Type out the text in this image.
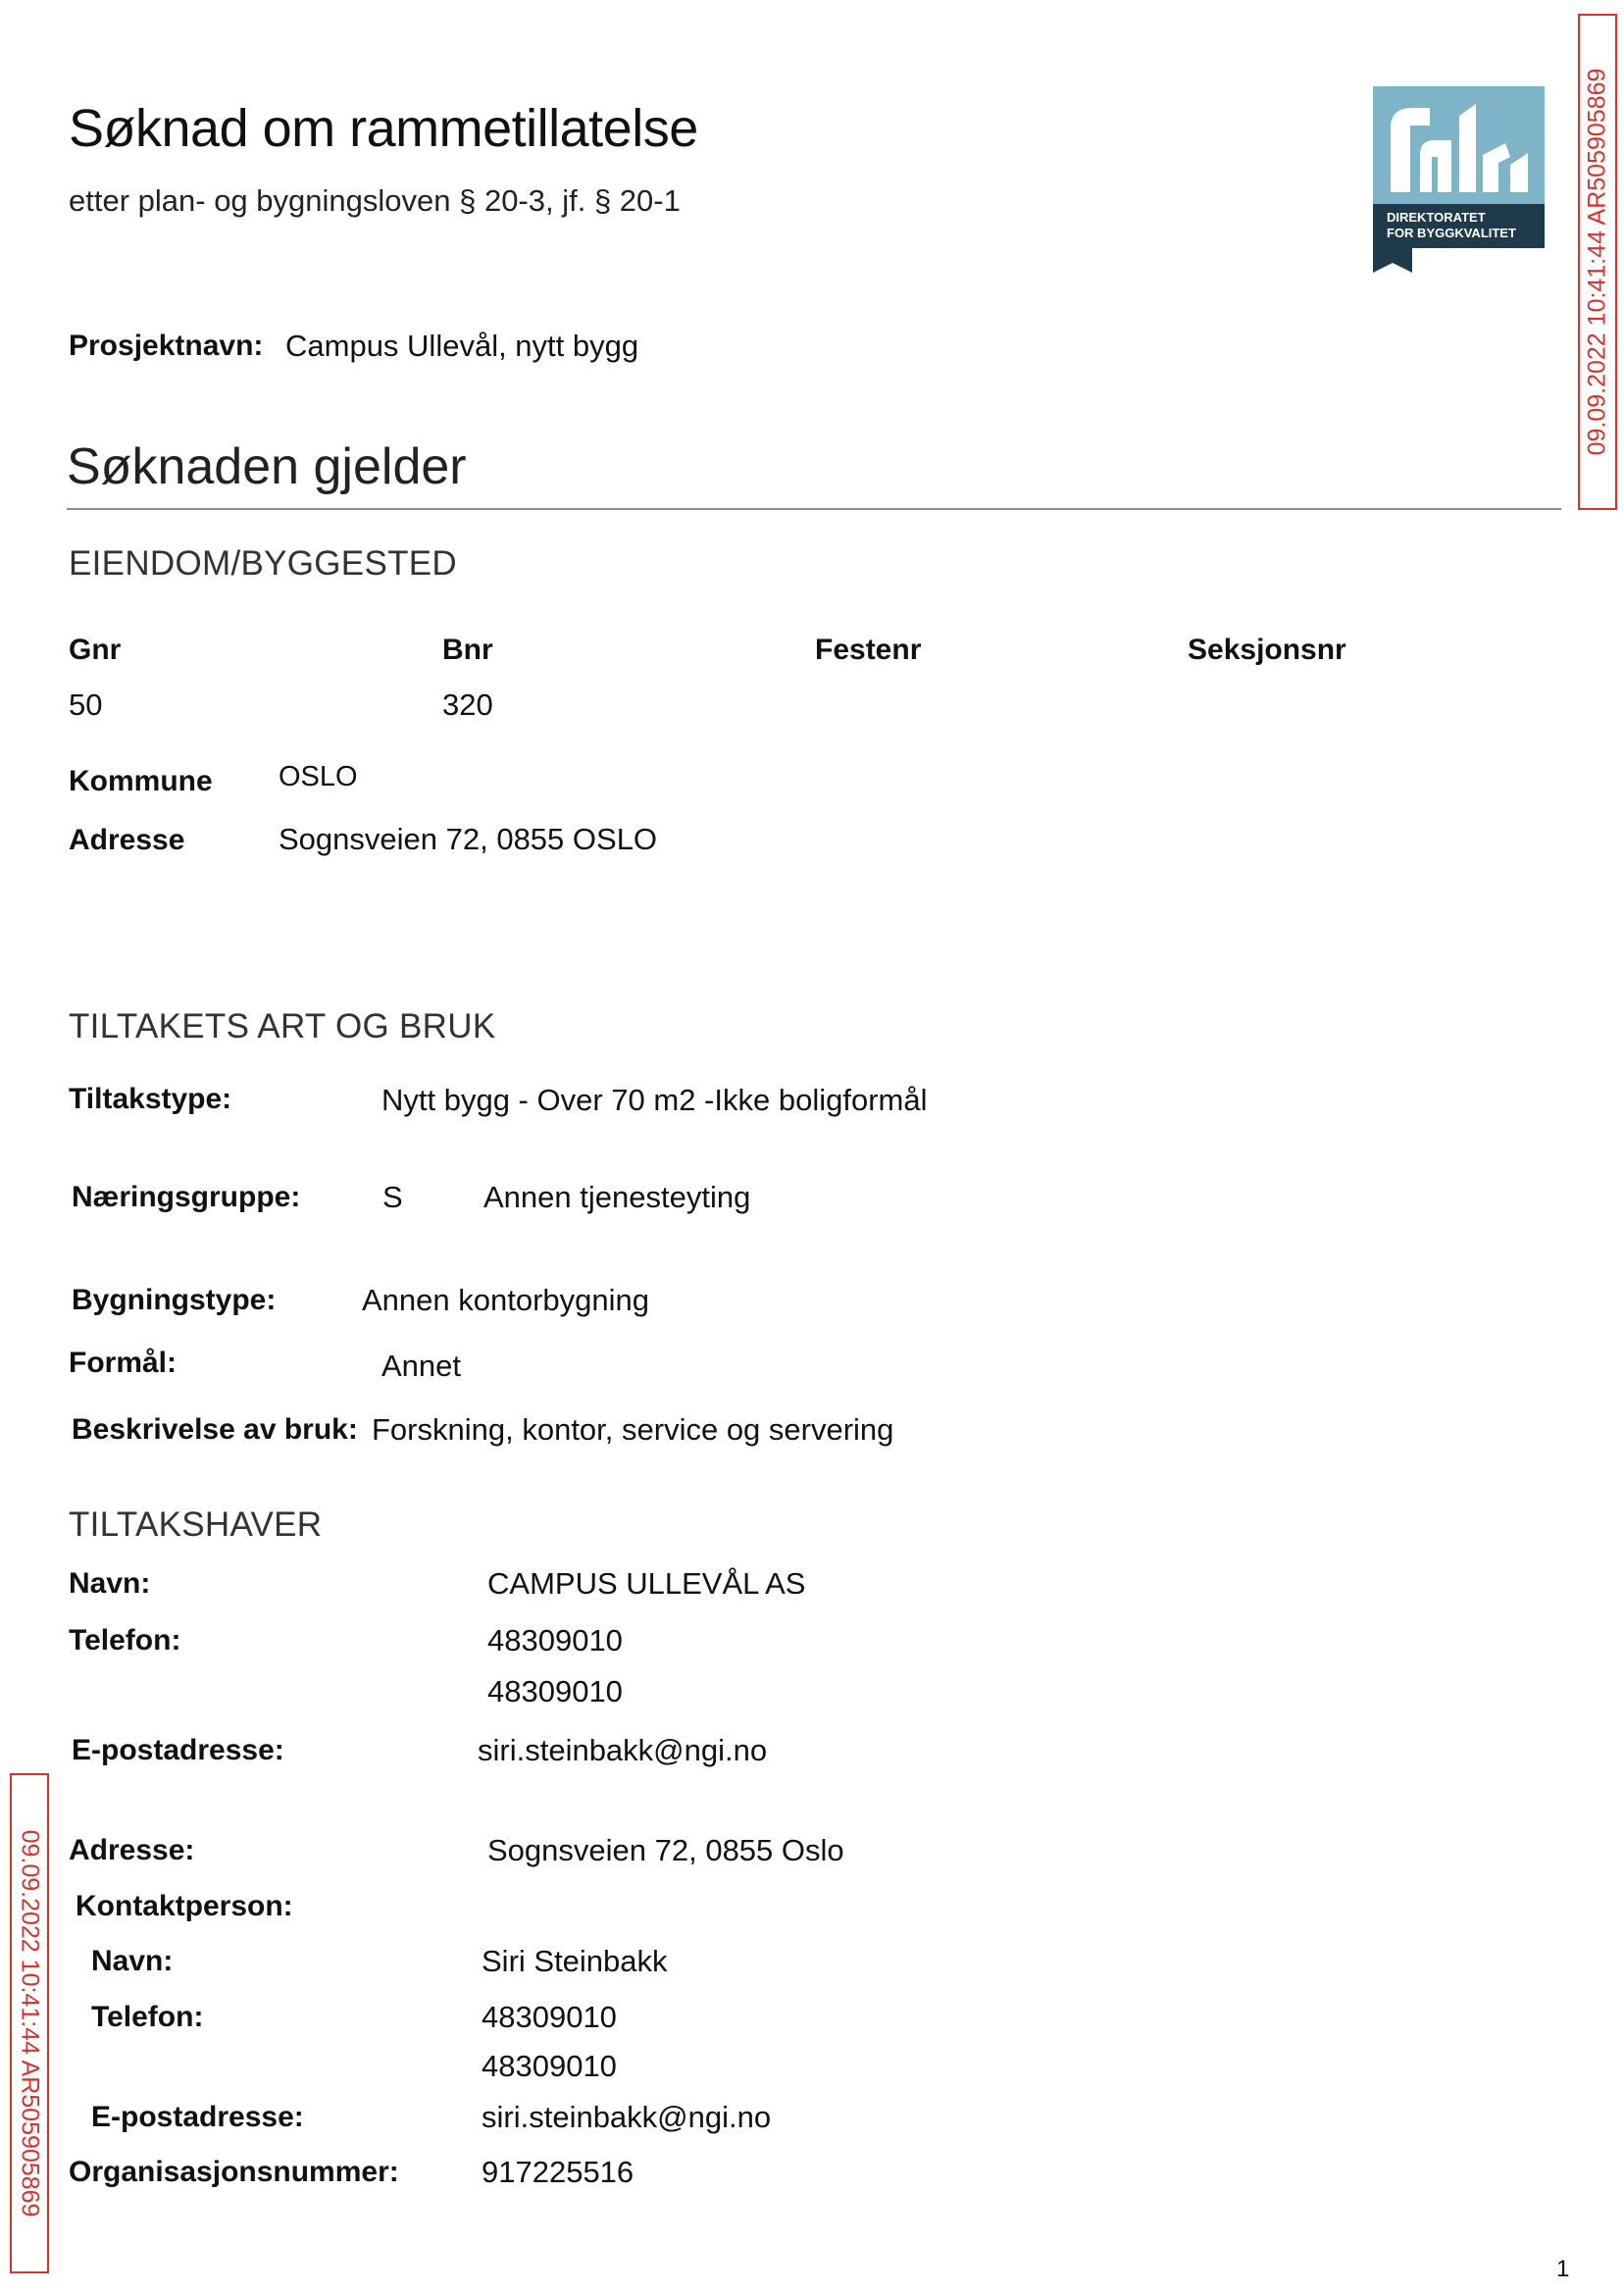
Søknad om rammetillatelse
etter plan- og bygningsloven § 20-3, jf. § 20-1	DIREKTORATET
FOR BYGGKVALITET	09.09.2022 10:41:44 AR505905869
Prosjektnavn: Campus Ullevål, nytt bygg
Søknaden gjelder
EIENDOM/BYGGESTED
Gnr	Bnr	Festenr	Seksjonsnr
50	320
Kommune OSLO
Adresse	Sognsveien 72, 0855 OSLO
TILTAKETS ART OG BRUK
Tiltakstype:	Nytt bygg - Over 70 m2 -Ikke boligformål
Næringsgruppe:	S	Annen tjenesteyting
Bygningstype:	Annen kontorbygning
Formål:	Annet
Beskrivelse av bruk: Forskning, kontor, service og servering
TILTAKSHAVER
Navn:	CAMPUS ULLEVÅL AS
Telefon:	48309010
48309010
E-postadresse:	siri.steinbakk@ngi.no
Adresse:	Sognsveien 72, 0855 Oslo
Kontaktperson:
Navn:	Siri Steinbakk
Telefon:	48309010
48309010
E-postadresse:	siri.steinbakk@ngi.no
Organisasjonsnummer:	917225516
09.09.2022 10:41:44 AR505905869
1
